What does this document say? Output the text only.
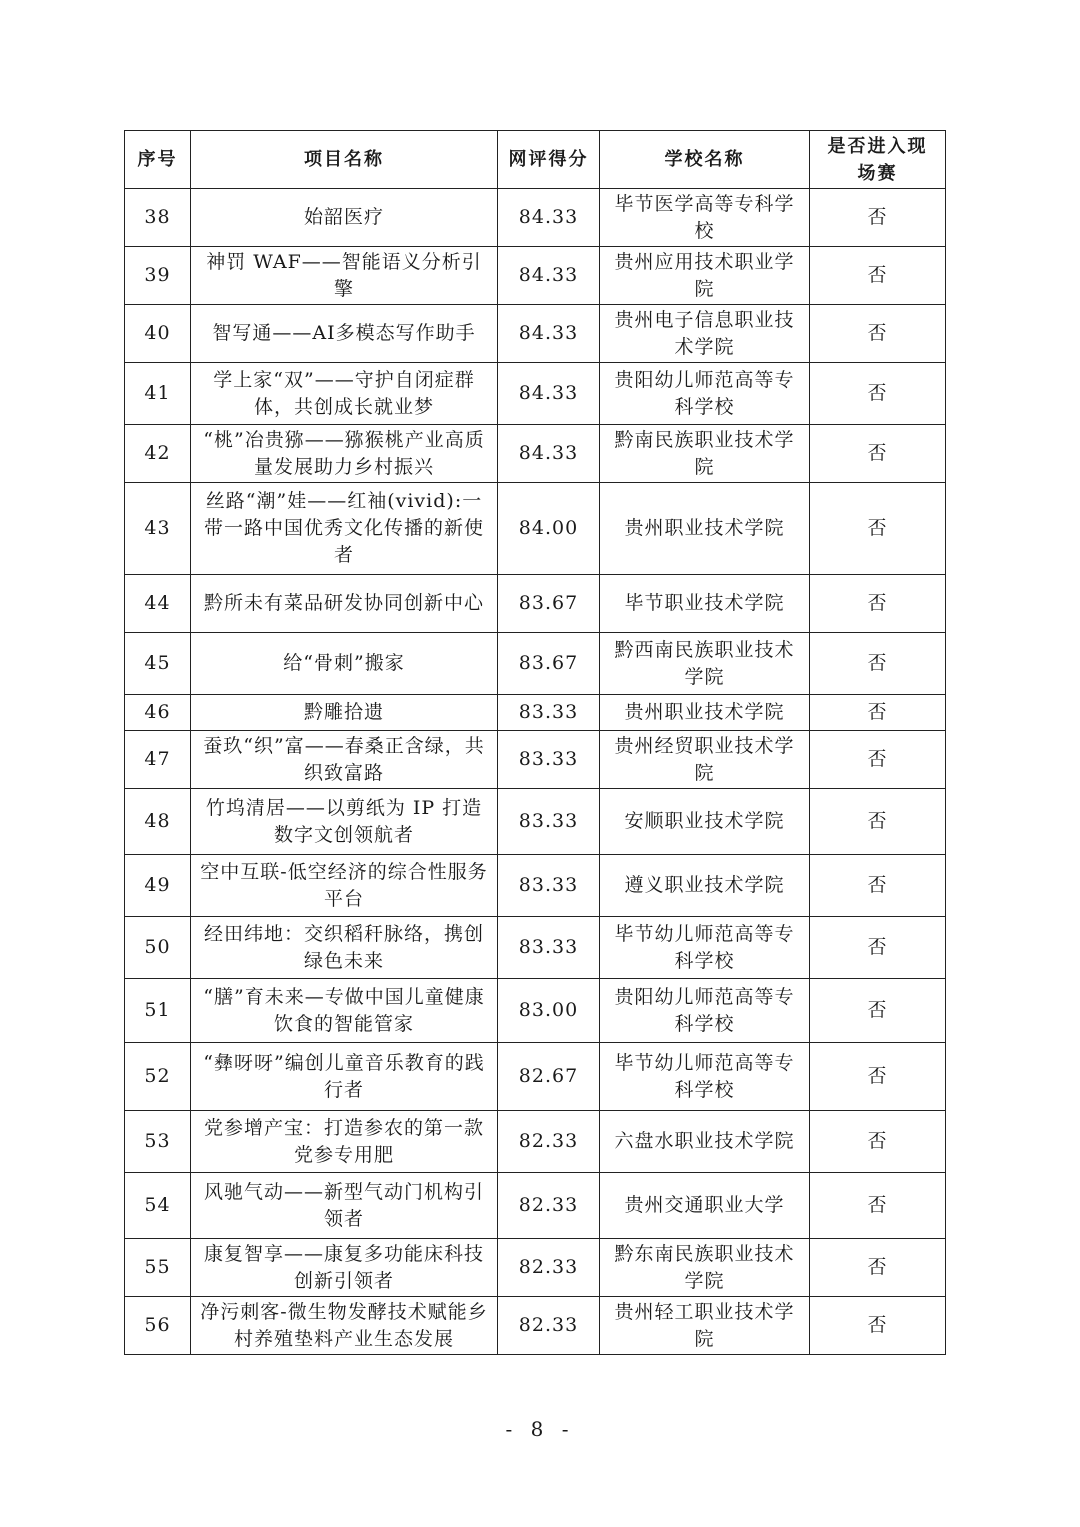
序号	项目名称	网评得分	学校名称	是否进入现场赛
38	始韶医疗	84.33	毕节医学高等专科学校	否
39	神罚 WAF——智能语义分析引擎	84.33	贵州应用技术职业学院	否
40	智写通——AI多模态写作助手	84.33	贵州电子信息职业技术学院	否
41	学上家“双”——守护自闭症群体，共创成长就业梦	84.33	贵阳幼儿师范高等专科学校	否
42	“桃”冶贵猕——猕猴桃产业高质量发展助力乡村振兴	84.33	黔南民族职业技术学院	否
43	丝路“潮”娃——红袖(vivid):一带一路中国优秀文化传播的新使者	84.00	贵州职业技术学院	否
44	黔所未有菜品研发协同创新中心	83.67	毕节职业技术学院	否
45	给“骨刺”搬家	83.67	黔西南民族职业技术学院	否
46	黔雕拾遗	83.33	贵州职业技术学院	否
47	蚕玖“织”富——春桑正含绿，共织致富路	83.33	贵州经贸职业技术学院	否
48	竹坞清居——以剪纸为 IP 打造数字文创领航者	83.33	安顺职业技术学院	否
49	空中互联-低空经济的综合性服务平台	83.33	遵义职业技术学院	否
50	经田纬地：交织稻秆脉络，携创绿色未来	83.33	毕节幼儿师范高等专科学校	否
51	“膳”育未来—专做中国儿童健康饮食的智能管家	83.00	贵阳幼儿师范高等专科学校	否
52	“彝呀呀”编创儿童音乐教育的践行者	82.67	毕节幼儿师范高等专科学校	否
53	党参增产宝：打造参农的第一款党参专用肥	82.33	六盘水职业技术学院	否
54	风驰气动——新型气动门机构引领者	82.33	贵州交通职业大学	否
55	康复智享——康复多功能床科技创新引领者	82.33	黔东南民族职业技术学院	否
56	净污刺客-微生物发酵技术赋能乡村养殖垫料产业生态发展	82.33	贵州轻工职业技术学院	否
- 8 -
